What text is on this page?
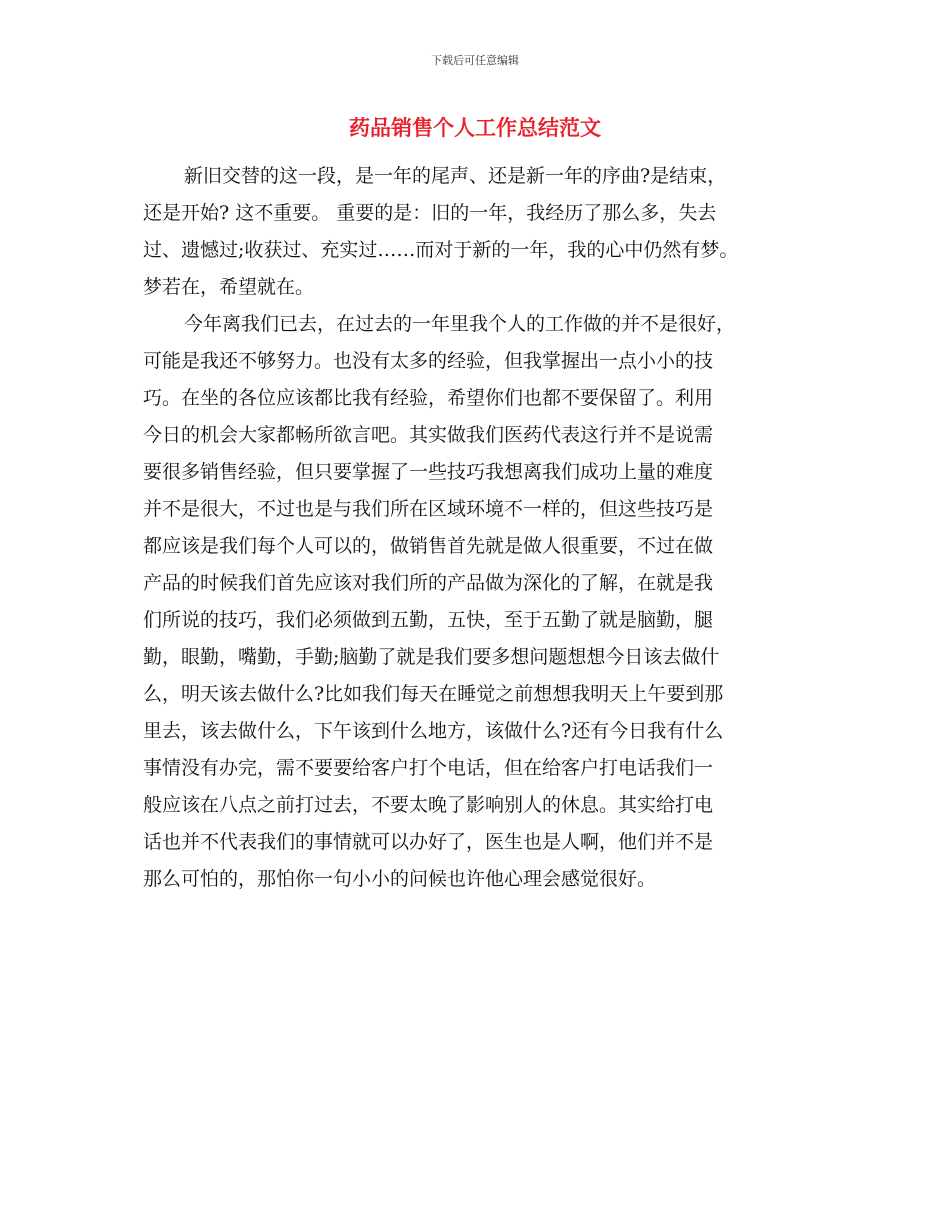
下载后可任意编辑
药品销售个人工作总结范文
新旧交替的这一段，是一年的尾声、还是新一年的序曲?是结束，
还是开始? 这不重要。 重要的是：旧的一年，我经历了那么多，失去
过、遗憾过;收获过、充实过……而对于新的一年，我的心中仍然有梦。
梦若在，希望就在。
今年离我们已去，在过去的一年里我个人的工作做的并不是很好，
可能是我还不够努力。也没有太多的经验，但我掌握出一点小小的技
巧。在坐的各位应该都比我有经验，希望你们也都不要保留了。利用
今日的机会大家都畅所欲言吧。其实做我们医药代表这行并不是说需
要很多销售经验，但只要掌握了一些技巧我想离我们成功上量的难度
并不是很大，不过也是与我们所在区域环境不一样的，但这些技巧是
都应该是我们每个人可以的，做销售首先就是做人很重要，不过在做
产品的时候我们首先应该对我们所的产品做为深化的了解，在就是我
们所说的技巧，我们必须做到五勤，五快，至于五勤了就是脑勤，腿
勤，眼勤，嘴勤，手勤;脑勤了就是我们要多想问题想想今日该去做什
么，明天该去做什么?比如我们每天在睡觉之前想想我明天上午要到那
里去，该去做什么，下午该到什么地方，该做什么?还有今日我有什么
事情没有办完，需不要要给客户打个电话，但在给客户打电话我们一
般应该在八点之前打过去，不要太晚了影响别人的休息。其实给打电
话也并不代表我们的事情就可以办好了，医生也是人啊，他们并不是
那么可怕的，那怕你一句小小的问候也许他心理会感觉很好。
